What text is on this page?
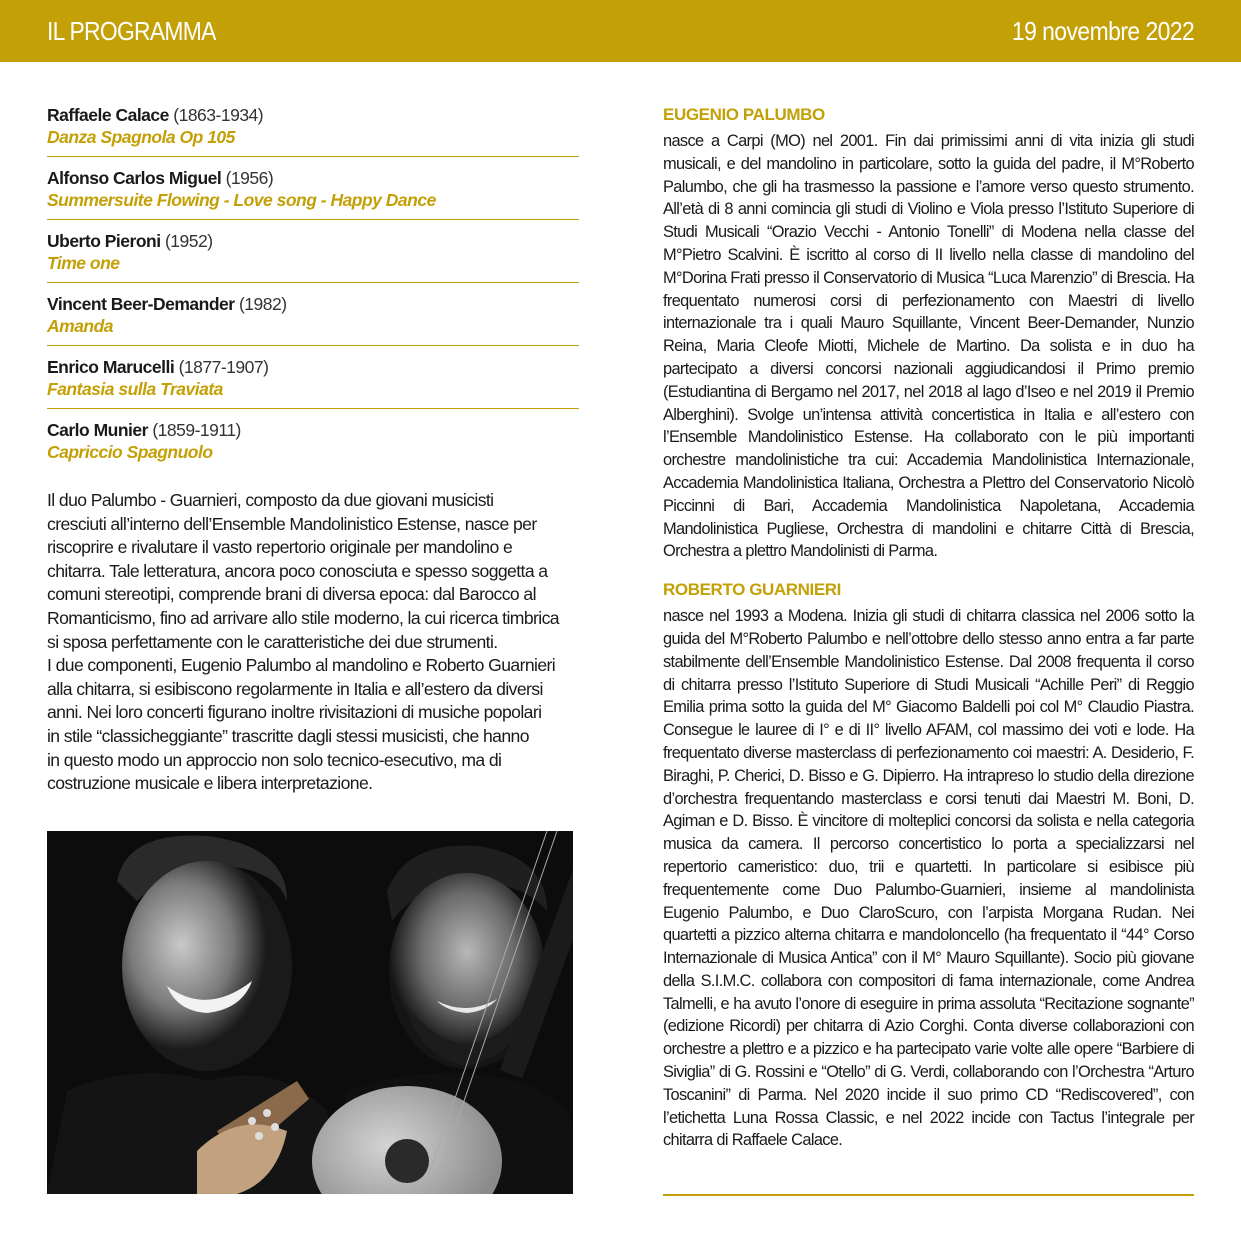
IL PROGRAMMA	19 novembre 2022
Raffaele Calace (1863-1934)
Danza Spagnola Op 105
Alfonso Carlos Miguel (1956)
Summersuite Flowing - Love song - Happy Dance
Uberto Pieroni (1952)
Time one
Vincent Beer-Demander (1982)
Amanda
Enrico Marucelli (1877-1907)
Fantasia sulla Traviata
Carlo Munier (1859-1911)
Capriccio Spagnuolo

Il duo Palumbo - Guarnieri, composto da due giovani musicisti
cresciuti all’interno dell’Ensemble Mandolinistico Estense, nasce per
riscoprire e rivalutare il vasto repertorio originale per mandolino e
chitarra. Tale letteratura, ancora poco conosciuta e spesso soggetta a
comuni stereotipi, comprende brani di diversa epoca: dal Barocco al
Romanticismo, fino ad arrivare allo stile moderno, la cui ricerca timbrica
si sposa perfettamente con le caratteristiche dei due strumenti.
I due componenti, Eugenio Palumbo al mandolino e Roberto Guarnieri
alla chitarra, si esibiscono regolarmente in Italia e all’estero da diversi
anni. Nei loro concerti figurano inoltre rivisitazioni di musiche popolari
in stile “classicheggiante” trascritte dagli stessi musicisti, che hanno
in questo modo un approccio non solo tecnico-esecutivo, ma di
costruzione musicale e libera interpretazione.

EUGENIO PALUMBO

nasce a Carpi (MO) nel 2001. Fin dai primissimi anni di vita inizia gli studi musicali, e del mandolino in particolare, sotto la guida del padre, il M°Roberto Palumbo, che gli ha trasmesso la passione e l’amore verso questo strumento. All’età di 8 anni comincia gli studi di Violino e Viola presso l’Istituto Superiore di Studi Musicali “Orazio Vecchi - Antonio Tonelli” di Modena nella classe del M°Pietro Scalvini. È iscritto al corso di II livello nella classe di mandolino del M°Dorina Frati presso il Conservatorio di Musica “Luca Marenzio” di Brescia. Ha frequentato numerosi corsi di perfezionamento con Maestri di livello internazionale tra i quali Mauro Squillante, Vincent Beer-Demander, Nunzio Reina, Maria Cleofe Miotti, Michele de Martino. Da solista e in duo ha partecipato a diversi concorsi nazionali aggiudicandosi il Primo premio (Estudiantina di Bergamo nel 2017, nel 2018 al lago d’Iseo e nel 2019 il Premio Alberghini). Svolge un’intensa attività concertistica in Italia e all’estero con l’Ensemble Mandolinistico Estense. Ha collaborato con le più importanti orchestre mandolinistiche tra cui: Accademia Mandolinistica Internazionale, Accademia Mandolinistica Italiana, Orchestra a Plettro del Conservatorio Nicolò Piccinni di Bari, Accademia Mandolinistica Napoletana, Accademia Mandolinistica Pugliese, Orchestra di mandolini e chitarre Città di Brescia, Orchestra a plettro Mandolinisti di Parma.

ROBERTO GUARNIERI

nasce nel 1993 a Modena. Inizia gli studi di chitarra classica nel 2006 sotto la guida del M°Roberto Palumbo e nell’ottobre dello stesso anno entra a far parte stabilmente dell’Ensemble Mandolinistico Estense. Dal 2008 frequenta il corso di chitarra presso l’Istituto Superiore di Studi Musicali “Achille Peri” di Reggio Emilia prima sotto la guida del M° Giacomo Baldelli poi col M° Claudio Piastra. Consegue le lauree di I° e di II° livello AFAM, col massimo dei voti e lode. Ha frequentato diverse masterclass di perfezionamento coi maestri: A. Desiderio, F. Biraghi, P. Cherici, D. Bisso e G. Dipierro. Ha intrapreso lo studio della direzione d’orchestra frequentando masterclass e corsi tenuti dai Maestri M. Boni, D. Agiman e D. Bisso. È vincitore di molteplici concorsi da solista e nella categoria musica da camera. Il percorso concertistico lo porta a specializzarsi nel repertorio cameristico: duo, trii e quartetti. In particolare si esibisce più frequentemente come Duo Palumbo-Guarnieri, insieme al mandolinista Eugenio Palumbo, e Duo ClaroScuro, con l’arpista Morgana Rudan. Nei quartetti a pizzico alterna chitarra e mandoloncello (ha frequentato il “44° Corso Internazionale di Musica Antica” con il M° Mauro Squillante). Socio più giovane della S.I.M.C. collabora con compositori di fama internazionale, come Andrea Talmelli, e ha avuto l’onore di eseguire in prima assoluta “Recitazione sognante” (edizione Ricordi) per chitarra di Azio Corghi. Conta diverse collaborazioni con orchestre a plettro e a pizzico e ha partecipato varie volte alle opere “Barbiere di Siviglia” di G. Rossini e “Otello” di G. Verdi, collaborando con l’Orchestra “Arturo Toscanini” di Parma. Nel 2020 incide il suo primo CD “Rediscovered”, con l’etichetta Luna Rossa Classic, e nel 2022 incide con Tactus l’integrale per chitarra di Raffaele Calace.
